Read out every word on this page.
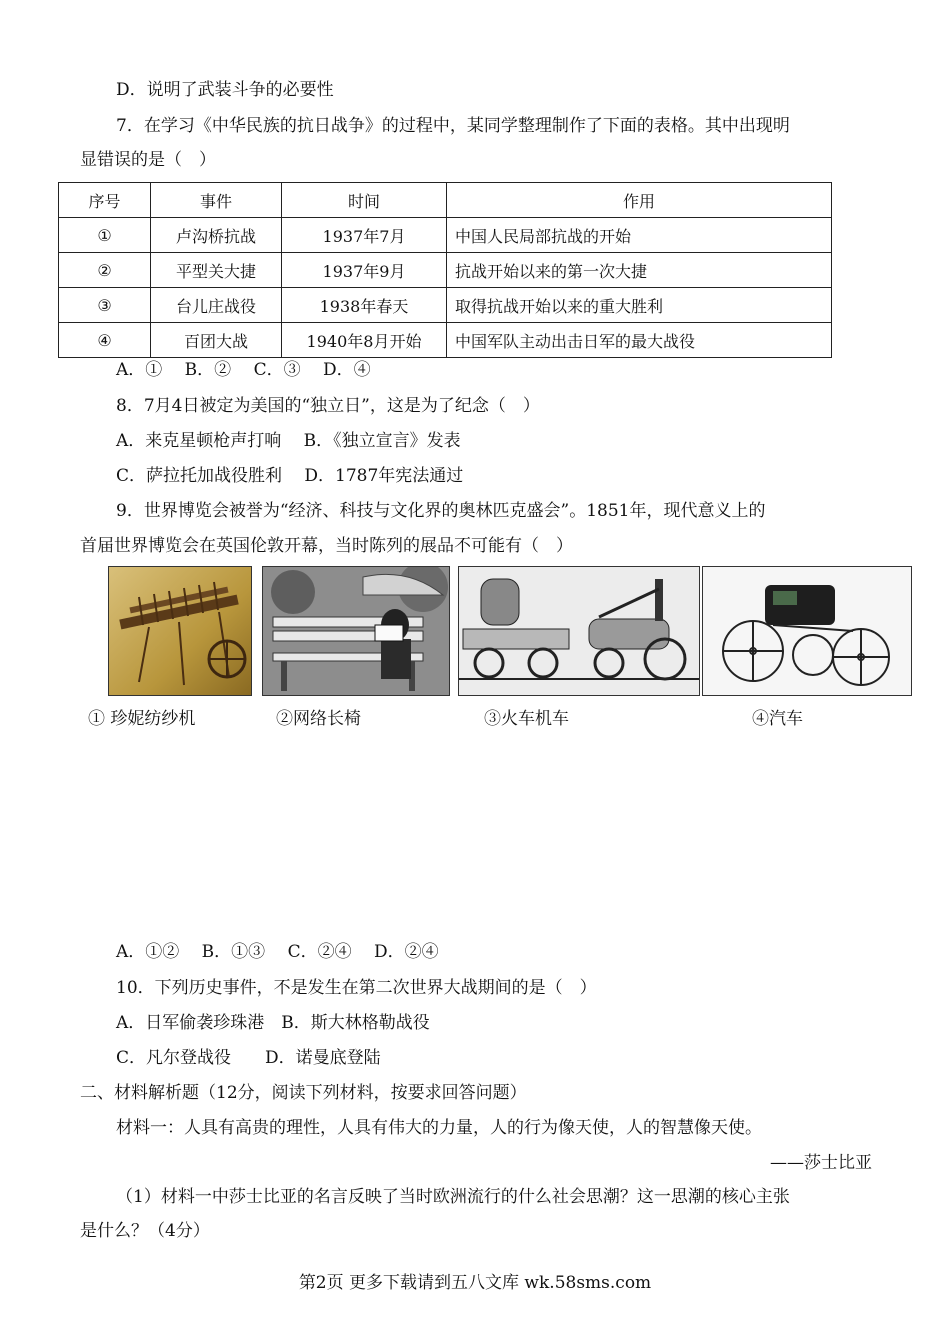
D．说明了武装斗争的必要性
7．在学习《中华民族的抗日战争》的过程中，某同学整理制作了下面的表格。其中出现明
显错误的是（　）
序号	事件	时间	作用
①	卢沟桥抗战	1937年7月	中国人民局部抗战的开始
②	平型关大捷	1937年9月	抗战开始以来的第一次大捷
③	台儿庄战役	1938年春天	取得抗战开始以来的重大胜利
④	百团大战	1940年8月开始	中国军队主动出击日军的最大战役
A．①　 B．②　 C．③　 D．④
8．7月4日被定为美国的“独立日”，这是为了纪念（　）
A．来克星顿枪声打响　 B．《独立宣言》发表
C．萨拉托加战役胜利　 D．1787年宪法通过
9．世界博览会被誉为“经济、科技与文化界的奥林匹克盛会”。1851年，现代意义上的
首届世界博览会在英国伦敦开幕，当时陈列的展品不可能有（　）
① 珍妮纺纱机	②网络长椅	③火车机车	④汽车
A．①②　 B．①③　 C．②④　 D．②④
10．下列历史事件，不是发生在第二次世界大战期间的是（　）
A．日军偷袭珍珠港　B．斯大林格勒战役
C．凡尔登战役　　D．诺曼底登陆
二、材料解析题（12分，阅读下列材料，按要求回答问题）
材料一：人具有高贵的理性，人具有伟大的力量，人的行为像天使，人的智慧像天使。
——莎士比亚
（1）材料一中莎士比亚的名言反映了当时欧洲流行的什么社会思潮？这一思潮的核心主张
是什么？（4分）
第2页 更多下载请到五八文库 wk.58sms.com
